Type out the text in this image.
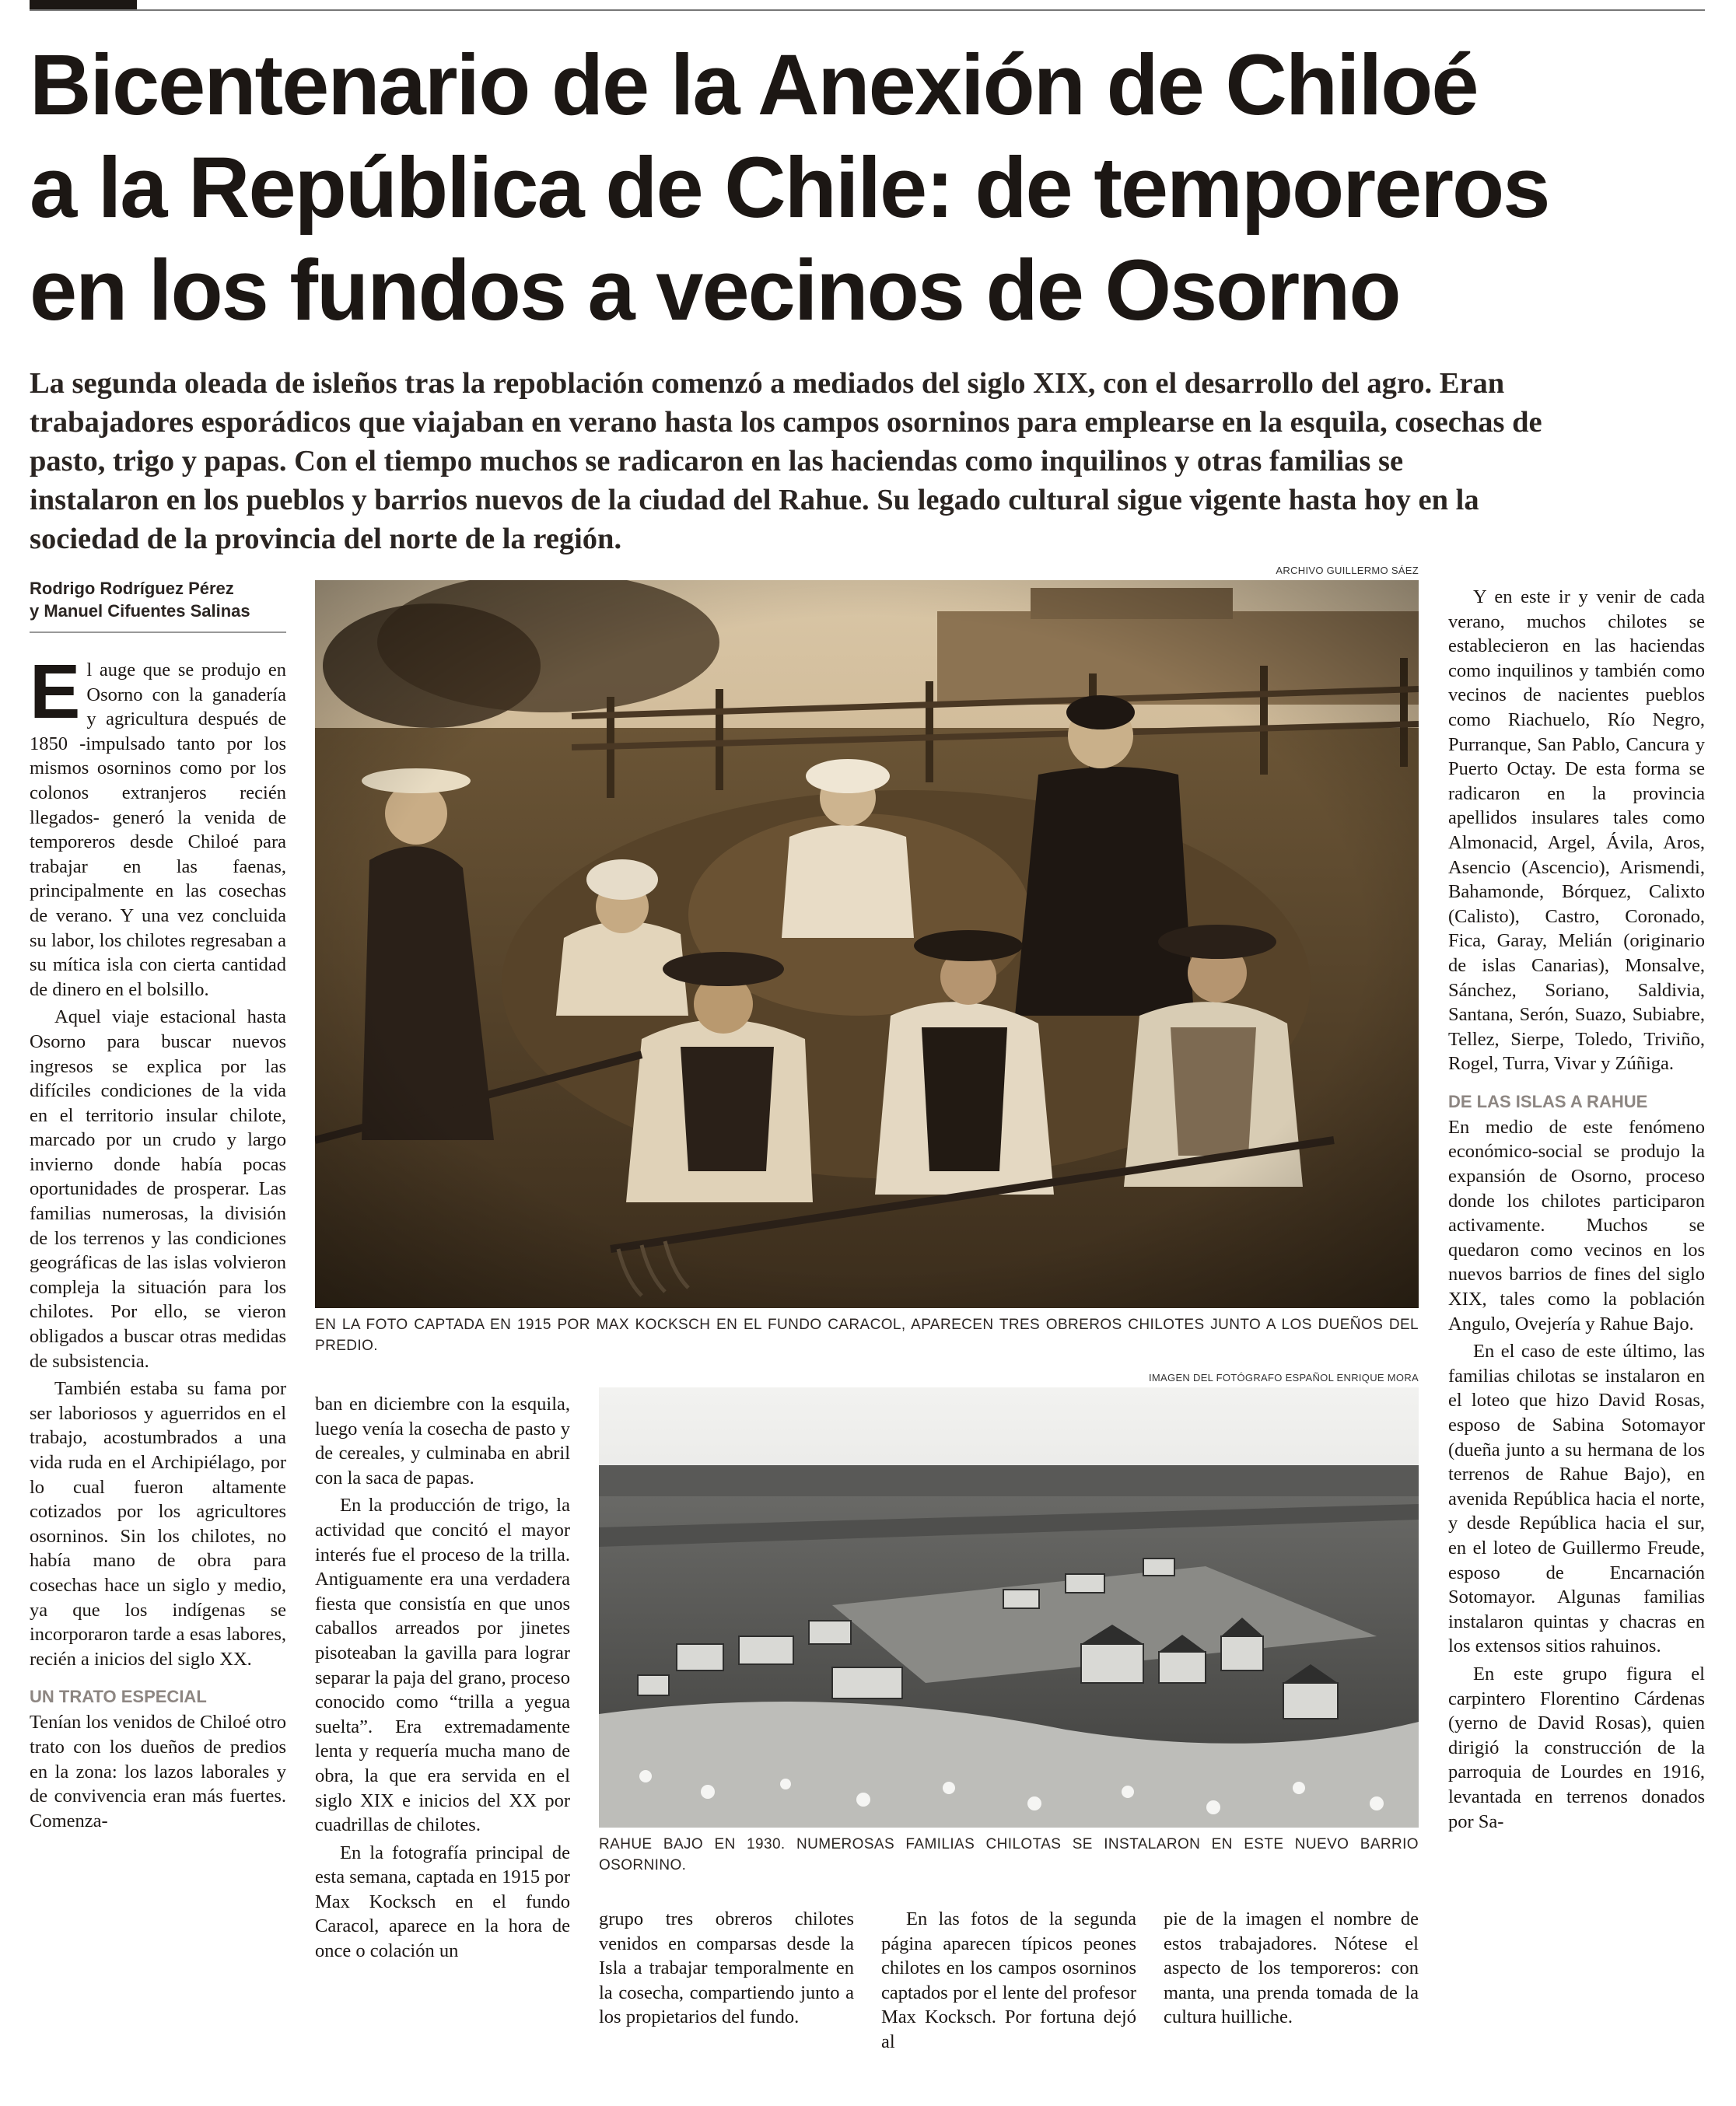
Bicentenario de la Anexión de Chiloé
a la República de Chile: de temporeros
en los fundos a vecinos de Osorno
La segunda oleada de isleños tras la repoblación comenzó a mediados del siglo XIX, con el desarrollo del agro. Eran
trabajadores esporádicos que viajaban en verano hasta los campos osorninos para emplearse en la esquila, cosechas de
pasto, trigo y papas. Con el tiempo muchos se radicaron en las haciendas como inquilinos y otras familias se
instalaron en los pueblos y barrios nuevos de la ciudad del Rahue. Su legado cultural sigue vigente hasta hoy en la
sociedad de la provincia del norte de la región.
Rodrigo Rodríguez Pérez
y Manuel Cifuentes Salinas
ARCHIVO GUILLERMO SÁEZ
EN LA FOTO CAPTADA EN 1915 POR MAX KOCKSCH EN EL FUNDO CARACOL, APARECEN TRES OBREROS CHILOTES JUNTO A LOS DUEÑOS DEL PREDIO.
IMAGEN DEL FOTÓGRAFO ESPAÑOL ENRIQUE MORA
RAHUE BAJO EN 1930. NUMEROSAS FAMILIAS CHILOTAS SE INSTALARON EN ESTE NUEVO BARRIO OSORNINO.

El auge que se produjo en Osorno con la ganadería y agricultura después de 1850 -impulsado tanto por los mismos osorninos como por los colonos extranjeros recién llegados- generó la venida de temporeros desde Chiloé para trabajar en las faenas, principalmente en las cosechas de verano. Y una vez concluida su labor, los chilotes regresaban a su mítica isla con cierta cantidad de dinero en el bolsillo.

Aquel viaje estacional hasta Osorno para buscar nuevos ingresos se explica por las difíciles condiciones de la vida en el territorio insular chilote, marcado por un crudo y largo invierno donde había pocas oportunidades de prosperar. Las familias numerosas, la división de los terrenos y las condiciones geográficas de las islas volvieron compleja la situación para los chilotes. Por ello, se vieron obligados a buscar otras medidas de subsistencia.

También estaba su fama por ser laboriosos y aguerridos en el trabajo, acostumbrados a una vida ruda en el Archipiélago, por lo cual fueron altamente cotizados por los agricultores osorninos. Sin los chilotes, no había mano de obra para cosechas hace un siglo y medio, ya que los indígenas se incorporaron tarde a esas labores, recién a inicios del siglo XX.

UN TRATO ESPECIAL

Tenían los venidos de Chiloé otro trato con los dueños de predios en la zona: los lazos laborales y de convivencia eran más fuertes. Comenza-

ban en diciembre con la esquila, luego venía la cosecha de pasto y de cereales, y culminaba en abril con la saca de papas.

En la producción de trigo, la actividad que concitó el mayor interés fue el proceso de la trilla. Antiguamente era una verdadera fiesta que consistía en que unos caballos arreados por jinetes pisoteaban la gavilla para lograr separar la paja del grano, proceso conocido como “trilla a yegua suelta”. Era extremadamente lenta y requería mucha mano de obra, la que era servida en el siglo XIX e inicios del XX por cuadrillas de chilotes.

En la fotografía principal de esta semana, captada en 1915 por Max Kocksch en el fundo Caracol, aparece en la hora de once o colación un

grupo tres obreros chilotes venidos en comparsas desde la Isla a trabajar temporalmente en la cosecha, compartiendo junto a los propietarios del fundo.

En las fotos de la segunda página aparecen típicos peones chilotes en los campos osorninos captados por el lente del profesor Max Kocksch. Por fortuna dejó al

pie de la imagen el nombre de estos trabajadores. Nótese el aspecto de los temporeros: con manta, una prenda tomada de la cultura huilliche.

Y en este ir y venir de cada verano, muchos chilotes se establecieron en las haciendas como inquilinos y también como vecinos de nacientes pueblos como Riachuelo, Río Negro, Purranque, San Pablo, Cancura y Puerto Octay. De esta forma se radicaron en la provincia apellidos insulares tales como Almonacid, Argel, Ávila, Aros, Asencio (Ascencio), Arismendi, Bahamonde, Bórquez, Calixto (Calisto), Castro, Coronado, Fica, Garay, Melián (originario de islas Canarias), Monsalve, Sánchez, Soriano, Saldivia, Santana, Serón, Suazo, Subiabre, Tellez, Sierpe, Toledo, Triviño, Rogel, Turra, Vivar y Zúñiga.

DE LAS ISLAS A RAHUE

En medio de este fenómeno económico-social se produjo la expansión de Osorno, proceso donde los chilotes participaron activamente. Muchos se quedaron como vecinos en los nuevos barrios de fines del siglo XIX, tales como la población Angulo, Ovejería y Rahue Bajo.

En el caso de este último, las familias chilotas se instalaron en el loteo que hizo David Rosas, esposo de Sabina Sotomayor (dueña junto a su hermana de los terrenos de Rahue Bajo), en avenida República hacia el norte, y desde República hacia el sur, en el loteo de Guillermo Freude, esposo de Encarnación Sotomayor. Algunas familias instalaron quintas y chacras en los extensos sitios rahuinos.

En este grupo figura el carpintero Florentino Cárdenas (yerno de David Rosas), quien dirigió la construcción de la parroquia de Lourdes en 1916, levantada en terrenos donados por Sa-
